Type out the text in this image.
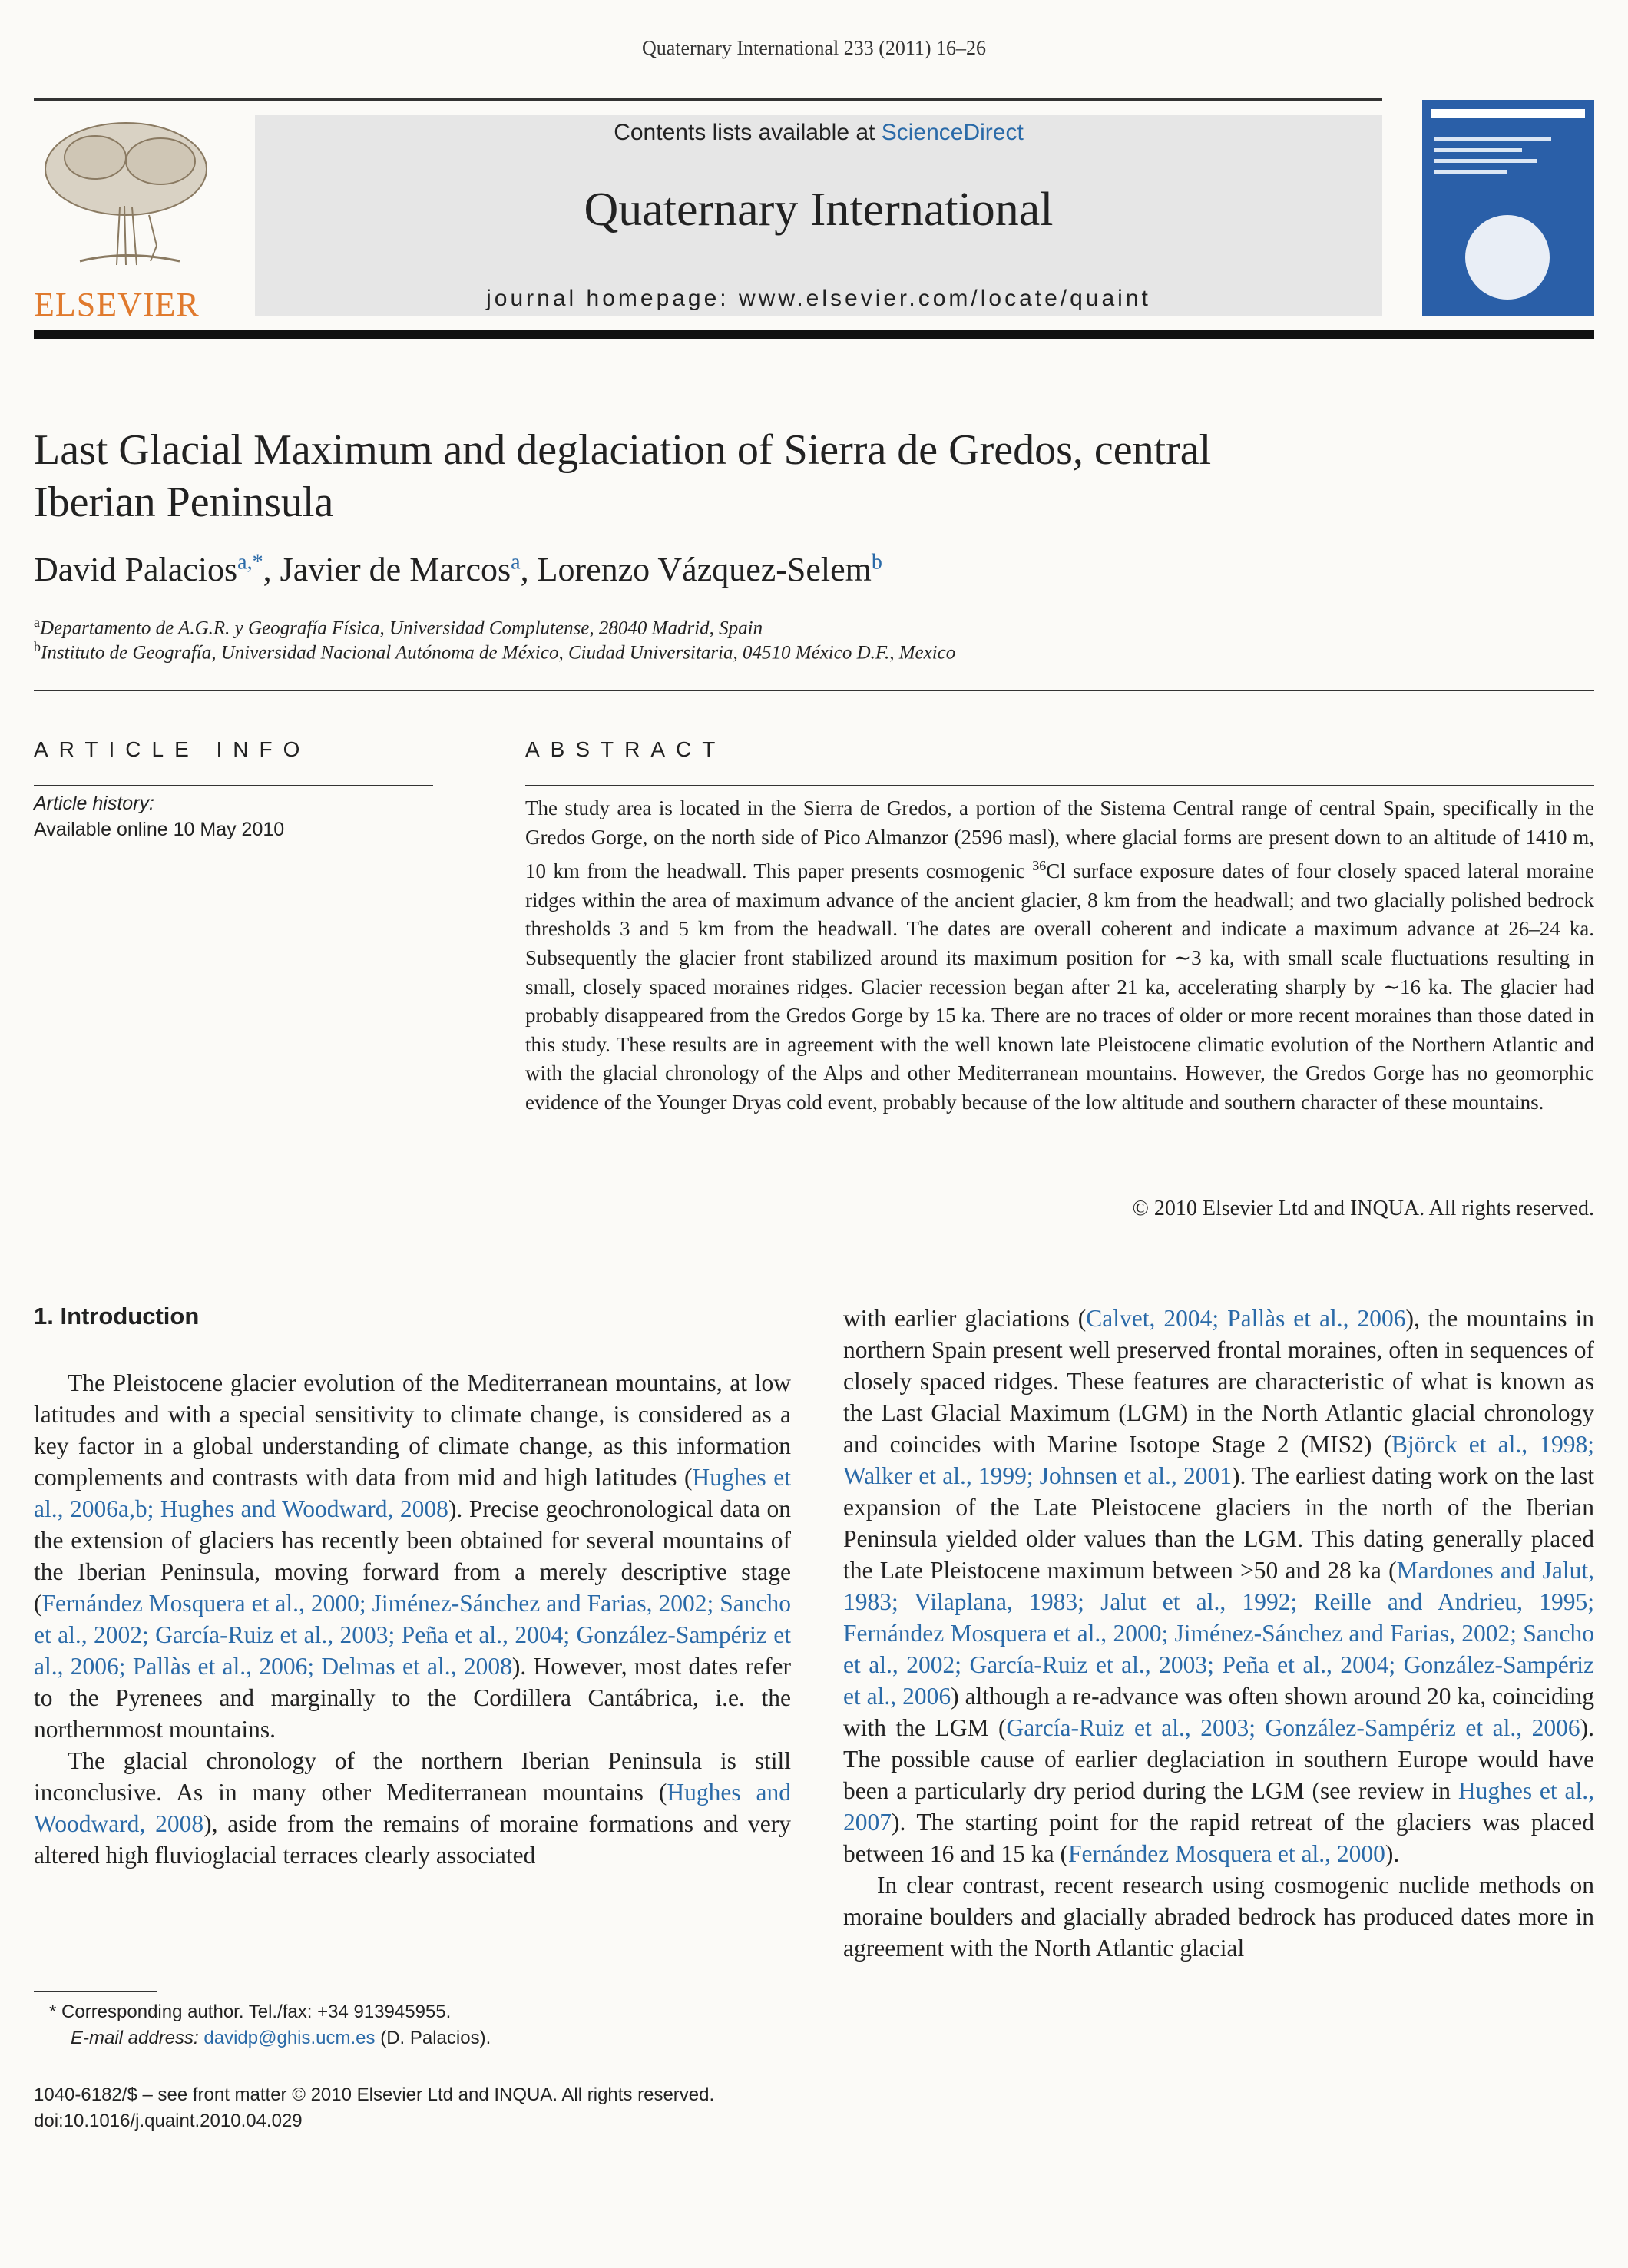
Quaternary International 233 (2011) 16–26
ELSEVIER
Contents lists available at ScienceDirect
Quaternary International
journal homepage: www.elsevier.com/locate/quaint
Last Glacial Maximum and deglaciation of Sierra de Gredos, central
Iberian Peninsula
David Palacios$^{a,*}$, Javier de Marcos$^a$, Lorenzo Vázquez-Selem$^b$
$^a$Departamento de A.G.R. y Geografía Física, Universidad Complutense, 28040 Madrid, Spain
$^b$Instituto de Geografía, Universidad Nacional Autónoma de México, Ciudad Universitaria, 04510 México D.F., Mexico
ARTICLE INFO
Article history:
Available online 10 May 2010
ABSTRACT
The study area is located in the Sierra de Gredos, a portion of the Sistema Central range of central Spain, specifically in the Gredos Gorge, on the north side of Pico Almanzor (2596 masl), where glacial forms are present down to an altitude of 1410 m, 10 km from the headwall. This paper presents cosmogenic $^{36}$Cl surface exposure dates of four closely spaced lateral moraine ridges within the area of maximum advance of the ancient glacier, 8 km from the headwall; and two glacially polished bedrock thresholds 3 and 5 km from the headwall. The dates are overall coherent and indicate a maximum advance at 26–24 ka. Subsequently the glacier front stabilized around its maximum position for ∼3 ka, with small scale fluctuations resulting in small, closely spaced moraines ridges. Glacier recession began after 21 ka, accelerating sharply by ∼16 ka. The glacier had probably disappeared from the Gredos Gorge by 15 ka. There are no traces of older or more recent moraines than those dated in this study. These results are in agreement with the well known late Pleistocene climatic evolution of the Northern Atlantic and with the glacial chronology of the Alps and other Mediterranean mountains. However, the Gredos Gorge has no geomorphic evidence of the Younger Dryas cold event, probably because of the low altitude and southern character of these mountains.
© 2010 Elsevier Ltd and INQUA. All rights reserved.
1. Introduction

The Pleistocene glacier evolution of the Mediterranean mountains, at low latitudes and with a special sensitivity to climate change, is considered as a key factor in a global understanding of climate change, as this information complements and contrasts with data from mid and high latitudes (Hughes et al., 2006a,b; Hughes and Woodward, 2008). Precise geochronological data on the extension of glaciers has recently been obtained for several mountains of the Iberian Peninsula, moving forward from a merely descriptive stage (Fernández Mosquera et al., 2000; Jiménez-Sánchez and Farias, 2002; Sancho et al., 2002; García-Ruiz et al., 2003; Peña et al., 2004; González-Sampériz et al., 2006; Pallàs et al., 2006; Delmas et al., 2008). However, most dates refer to the Pyrenees and marginally to the Cordillera Cantábrica, i.e. the northernmost mountains.

The glacial chronology of the northern Iberian Peninsula is still inconclusive. As in many other Mediterranean mountains (Hughes and Woodward, 2008), aside from the remains of moraine formations and very altered high fluvioglacial terraces clearly associated

with earlier glaciations (Calvet, 2004; Pallàs et al., 2006), the mountains in northern Spain present well preserved frontal moraines, often in sequences of closely spaced ridges. These features are characteristic of what is known as the Last Glacial Maximum (LGM) in the North Atlantic glacial chronology and coincides with Marine Isotope Stage 2 (MIS2) (Björck et al., 1998; Walker et al., 1999; Johnsen et al., 2001). The earliest dating work on the last expansion of the Late Pleistocene glaciers in the north of the Iberian Peninsula yielded older values than the LGM. This dating generally placed the Late Pleistocene maximum between >50 and 28 ka (Mardones and Jalut, 1983; Vilaplana, 1983; Jalut et al., 1992; Reille and Andrieu, 1995; Fernández Mosquera et al., 2000; Jiménez-Sánchez and Farias, 2002; Sancho et al., 2002; García-Ruiz et al., 2003; Peña et al., 2004; González-Sampériz et al., 2006) although a re-advance was often shown around 20 ka, coinciding with the LGM (García-Ruiz et al., 2003; González-Sampériz et al., 2006). The possible cause of earlier deglaciation in southern Europe would have been a particularly dry period during the LGM (see review in Hughes et al., 2007). The starting point for the rapid retreat of the glaciers was placed between 16 and 15 ka (Fernández Mosquera et al., 2000).

In clear contrast, recent research using cosmogenic nuclide methods on moraine boulders and glacially abraded bedrock has produced dates more in agreement with the North Atlantic glacial

* Corresponding author. Tel./fax: +34 913945955.
E-mail address: davidp@ghis.ucm.es (D. Palacios).
1040-6182/$ – see front matter © 2010 Elsevier Ltd and INQUA. All rights reserved.
doi:10.1016/j.quaint.2010.04.029
